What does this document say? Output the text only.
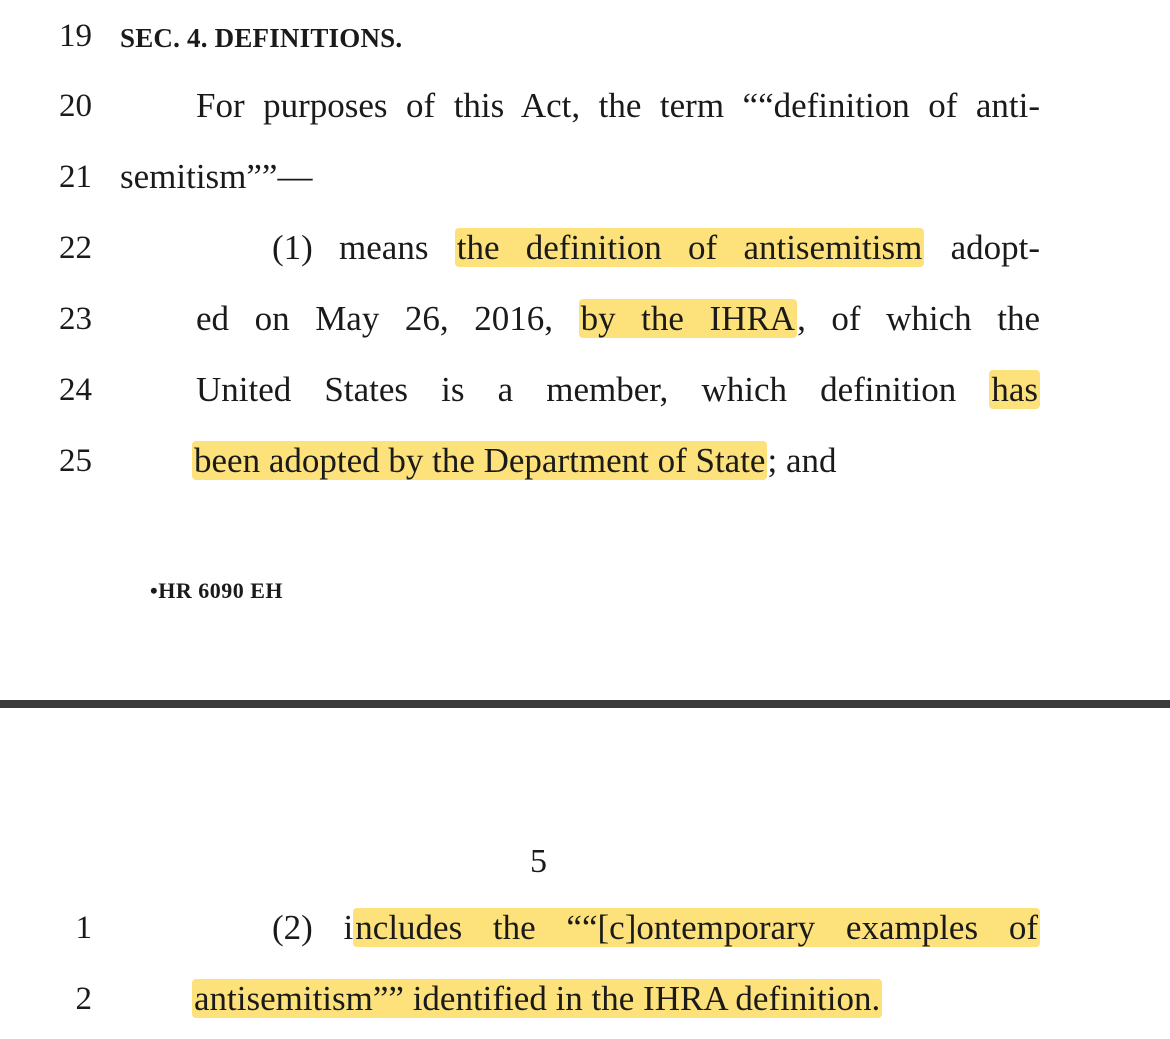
19 SEC. 4. DEFINITIONS.
20	For purposes of this Act, the term ““definition of anti-
21 semitism””—
22	(1) means the definition of antisemitism adopt-
23	ed on May 26, 2016, by the IHRA, of which the
24	United States is a member, which definition has
25	been adopted by the Department of State; and
•HR 6090 EH
5
1	(2) includes the ““[c]ontemporary examples of
2	antisemitism”” identified in the IHRA definition.
